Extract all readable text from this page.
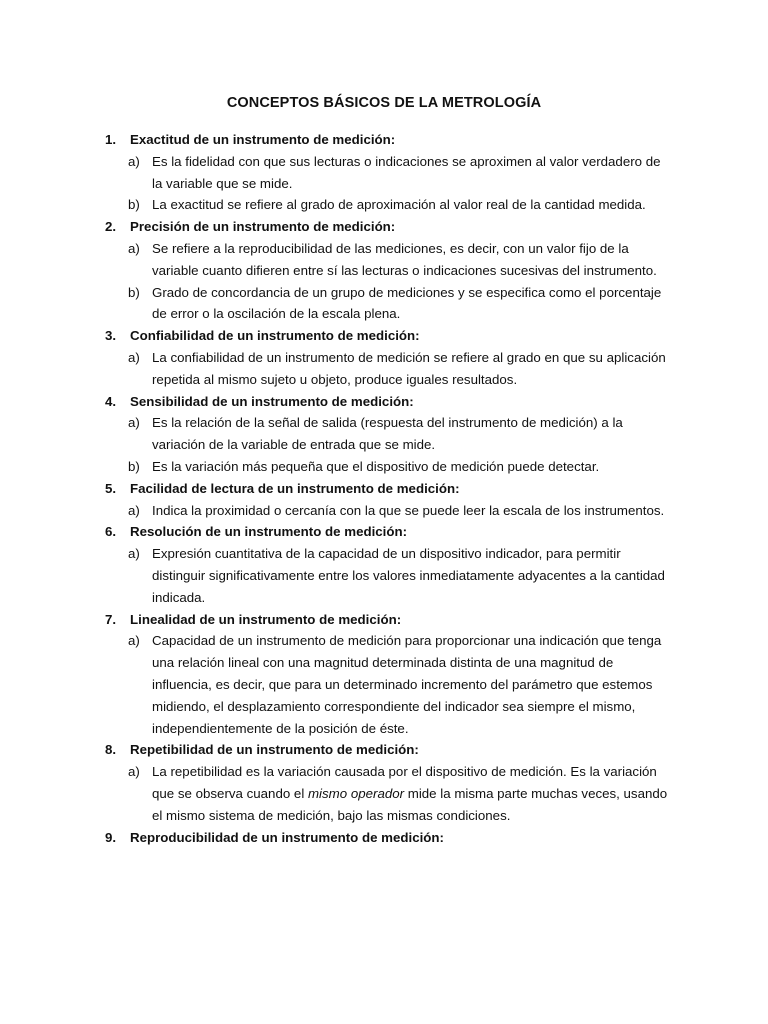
CONCEPTOS BÁSICOS DE LA METROLOGÍA
1. Exactitud de un instrumento de medición:
a) Es la fidelidad con que sus lecturas o indicaciones se aproximen al valor verdadero de la variable que se mide.
b) La exactitud se refiere al grado de aproximación al valor real de la cantidad medida.
2. Precisión de un instrumento de medición:
a) Se refiere a la reproducibilidad de las mediciones, es decir, con un valor fijo de la variable cuanto difieren entre sí las lecturas o indicaciones sucesivas del instrumento.
b) Grado de concordancia de un grupo de mediciones y se especifica como el porcentaje de error o la oscilación de la escala plena.
3. Confiabilidad de un instrumento de medición:
a) La confiabilidad de un instrumento de medición se refiere al grado en que su aplicación repetida al mismo sujeto u objeto, produce iguales resultados.
4. Sensibilidad de un instrumento de medición:
a) Es la relación de la señal de salida (respuesta del instrumento de medición) a la variación de la variable de entrada que se mide.
b) Es la variación más pequeña que el dispositivo de medición puede detectar.
5. Facilidad de lectura de un instrumento de medición:
a) Indica la proximidad o cercanía con la que se puede leer la escala de los instrumentos.
6. Resolución de un instrumento de medición:
a) Expresión cuantitativa de la capacidad de un dispositivo indicador, para permitir distinguir significativamente entre los valores inmediatamente adyacentes a la cantidad indicada.
7. Linealidad de un instrumento de medición:
a) Capacidad de un instrumento de medición para proporcionar una indicación que tenga una relación lineal con una magnitud determinada distinta de una magnitud de influencia, es decir, que para un determinado incremento del parámetro que estemos midiendo, el desplazamiento correspondiente del indicador sea siempre el mismo, independientemente de la posición de éste.
8. Repetibilidad de un instrumento de medición:
a) La repetibilidad es la variación causada por el dispositivo de medición. Es la variación que se observa cuando el mismo operador mide la misma parte muchas veces, usando el mismo sistema de medición, bajo las mismas condiciones.
9. Reproducibilidad de un instrumento de medición:
